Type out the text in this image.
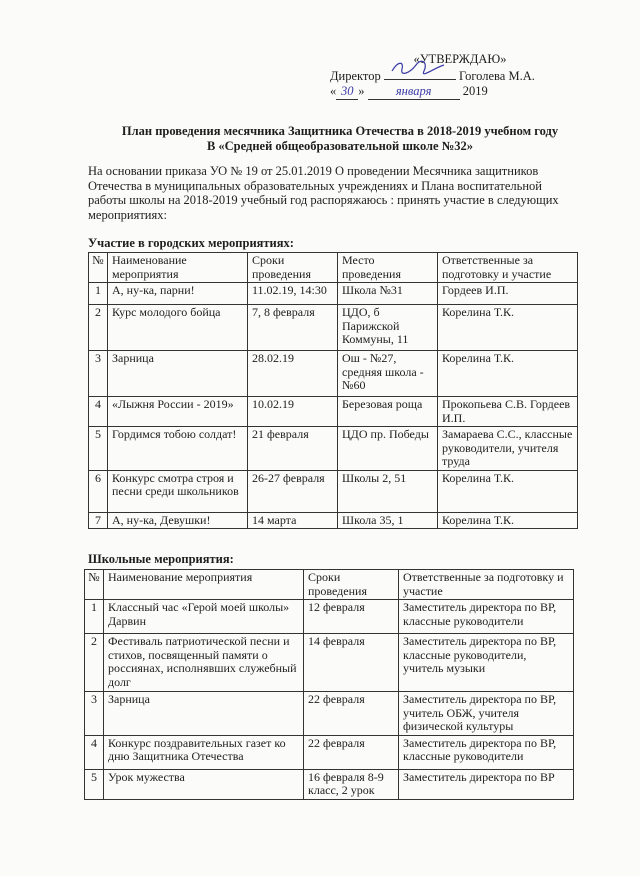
«УТВЕРЖДАЮ»
Директор	Гоголева М.А.
« 30 »	января	2019
План проведения месячника Защитника Отечества в 2018-2019 учебном году
В «Средней общеобразовательной школе №32»
На основании приказа УО № 19 от 25.01.2019 О проведении Месячника защитников Отечества в муниципальных образовательных учреждениях и Плана воспитательной работы школы на 2018-2019 учебный год распоряжаюсь : принять участие в следующих мероприятиях:
Участие в городских мероприятиях:
№	Наименование мероприятия	Сроки проведения	Место проведения	Ответственные за подготовку и участие
1	А, ну-ка, парни!	11.02.19, 14:30	Школа №31	Гордеев И.П.
2	Курс молодого бойца	7, 8 февраля	ЦДО, б Парижской Коммуны, 11	Корелина Т.К.
3	Зарница	28.02.19	Ош - №27, средняя школа - №60	Корелина Т.К.
4	«Лыжня России - 2019»	10.02.19	Березовая роща	Прокопьева С.В. Гордеев И.П.
5	Гордимся тобою солдат!	21 февраля	ЦДО пр. Победы	Замараева С.С., классные руководители, учителя труда
6	Конкурс смотра строя и песни среди школьников	26-27 февраля	Школы 2, 51	Корелина Т.К.
7	А, ну-ка, Девушки!	14 марта	Школа 35, 1	Корелина Т.К.
Школьные мероприятия:
№	Наименование мероприятия	Сроки проведения	Ответственные за подготовку и участие
1	Классный час «Герой моей школы» Дарвин	12 февраля	Заместитель директора по ВР, классные руководители
2	Фестиваль патриотической песни и стихов, посвященный памяти о россиянах, исполнявших служебный долг	14 февраля	Заместитель директора по ВР, классные руководители, учитель музыки
3	Зарница	22 февраля	Заместитель директора по ВР, учитель ОБЖ, учителя физической культуры
4	Конкурс поздравительных газет ко дню Защитника Отечества	22 февраля	Заместитель директора по ВР, классные руководители
5	Урок мужества	16 февраля 8-9 класс, 2 урок	Заместитель директора по ВР
